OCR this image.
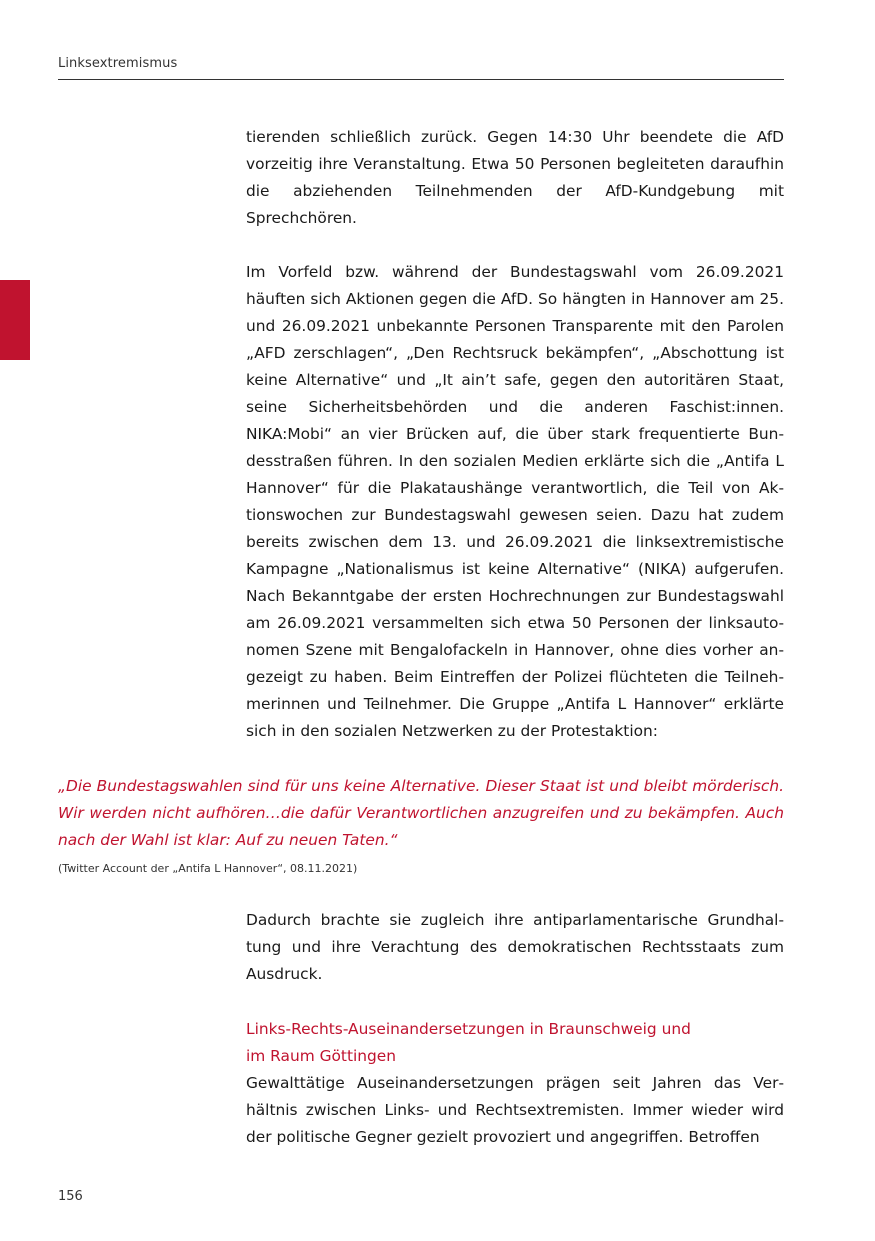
Linksextremismus

tierenden schließlich zurück. Gegen 14:30 Uhr beendete die AfD vorzeitig ihre Veranstaltung. Etwa 50 Personen begleiteten daraufhin die abziehenden Teilnehmenden der AfD-Kundgebung mit Sprechchören.

Im Vorfeld bzw. während der Bundestagswahl vom 26.09.2021 häuften sich Aktionen gegen die AfD. So hängten in Hannover am 25. und 26.09.2021 unbekannte Personen Transparente mit den Parolen „AFD zerschlagen“, „Den Rechtsruck bekämpfen“, „Abschottung ist keine Alternative“ und „It ain’t safe, gegen den autoritären Staat, seine Sicherheitsbehörden und die anderen Faschist:innen. NIKA:Mobi“ an vier Brücken auf, die über stark frequentierte Bundesstraßen führen. In den sozialen Medien erklärte sich die „Antifa L Hannover“ für die Plakataushänge verantwortlich, die Teil von Aktionswochen zur Bundestagswahl gewesen seien. Dazu hat zudem bereits zwischen dem 13. und 26.09.2021 die linksextremistische Kampagne „Nationalismus ist keine Alternative“ (NIKA) aufgerufen. Nach Bekanntgabe der ersten Hochrechnungen zur Bundestagswahl am 26.09.2021 versammelten sich etwa 50 Personen der linksautonomen Szene mit Bengalofackeln in Hannover, ohne dies vorher angezeigt zu haben. Beim Eintreffen der Polizei flüchteten die Teilnehmerinnen und Teilnehmer. Die Gruppe „Antifa L Hannover“ erklärte sich in den sozialen Netzwerken zu der Protestaktion:

„Die Bundestagswahlen sind für uns keine Alternative. Dieser Staat ist und bleibt mörderisch. Wir werden nicht aufhören…die dafür Verantwortlichen anzugreifen und zu bekämpfen. Auch nach der Wahl ist klar: Auf zu neuen Taten.“
(Twitter Account der „Antifa L Hannover“, 08.11.2021)

Dadurch brachte sie zugleich ihre antiparlamentarische Grundhaltung und ihre Verachtung des demokratischen Rechtsstaats zum Ausdruck.

Links-Rechts-Auseinandersetzungen in Braunschweig und
im Raum Göttingen

Gewalttätige Auseinandersetzungen prägen seit Jahren das Verhältnis zwischen Links- und Rechtsextremisten. Immer wieder wird der politische Gegner gezielt provoziert und angegriffen. Betroffen

156
